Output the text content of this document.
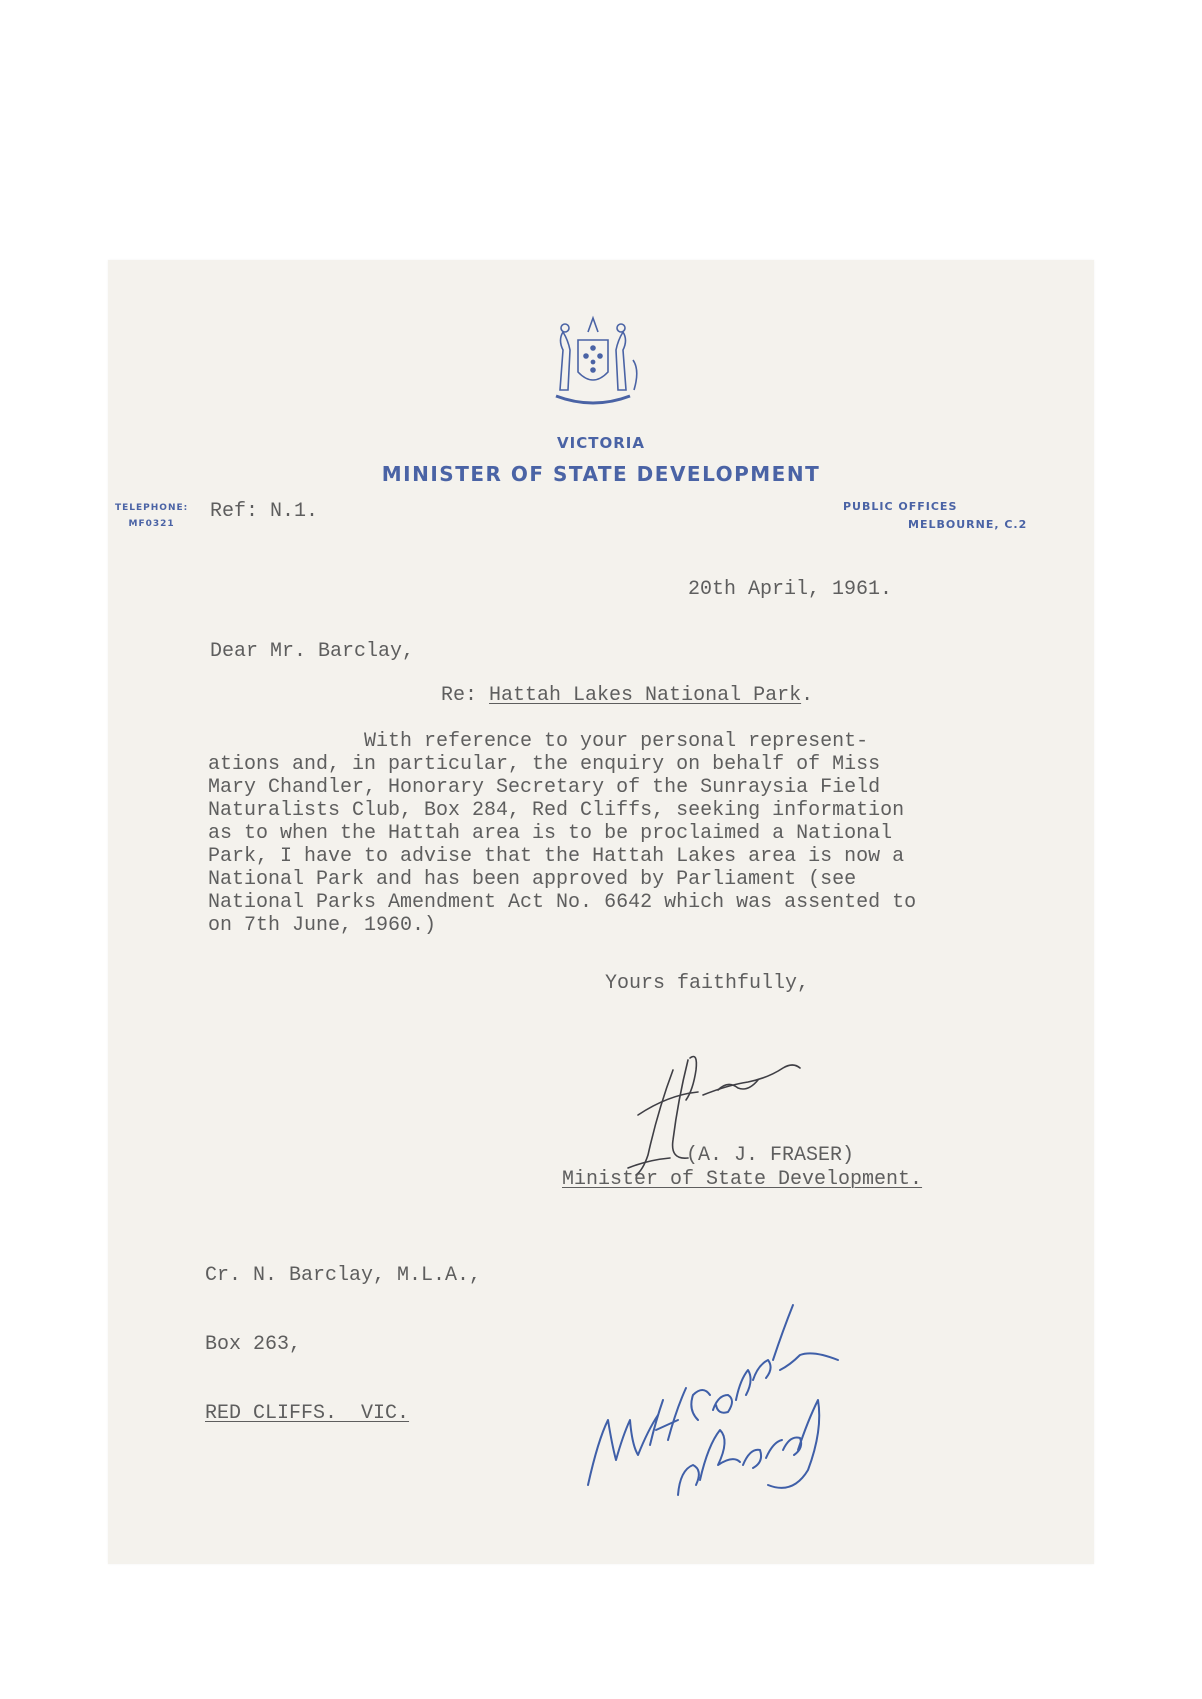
VICTORIA
MINISTER OF STATE DEVELOPMENT
TELEPHONE:
MF0321
PUBLIC OFFICES
MELBOURNE, C.2
Ref: N.1.
20th April, 1961.
Dear Mr. Barclay,
Re: Hattah Lakes National Park.
With reference to your personal represent-
ations and, in particular, the enquiry on behalf of Miss
Mary Chandler, Honorary Secretary of the Sunraysia Field
Naturalists Club, Box 284, Red Cliffs, seeking information
as to when the Hattah area is to be proclaimed a National
Park, I have to advise that the Hattah Lakes area is now a
National Park and has been approved by Parliament (see
National Parks Amendment Act No. 6642 which was assented to
on 7th June, 1960.)
Yours faithfully,
(A. J. FRASER)
Minister of State Development.

Cr. N. Barclay, M.L.A.,

Box 263,

RED CLIFFS.  VIC.
